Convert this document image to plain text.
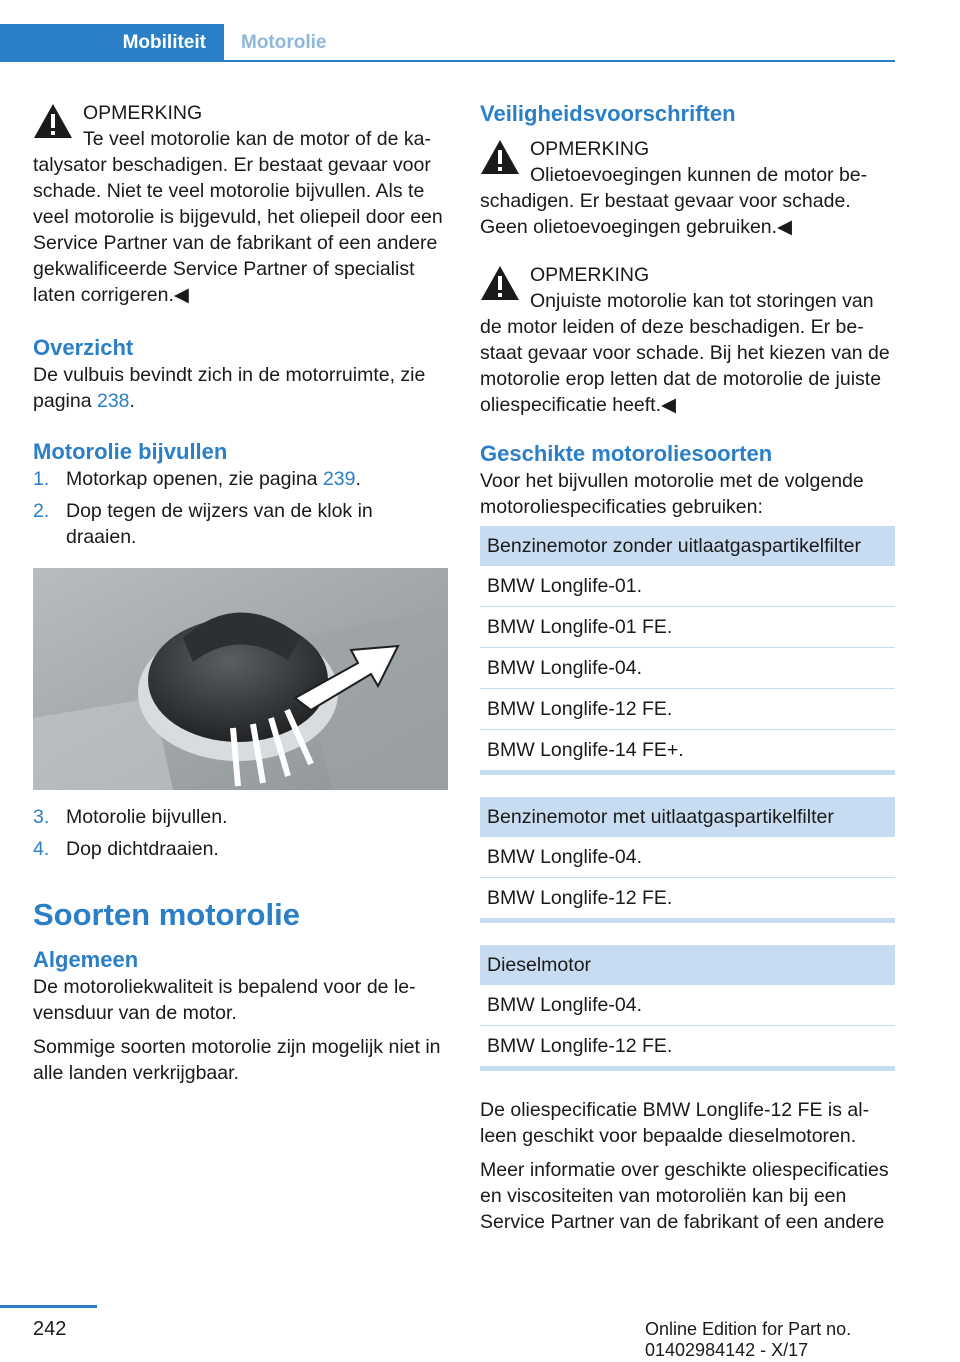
Mobiliteit	Motorolie
OPMERKING
Te veel motorolie kan de motor of de katalysator beschadigen. Er bestaat gevaar voor schade. Niet te veel motorolie bijvullen. Als te veel motorolie is bijgevuld, het oliepeil door een Service Partner van de fabrikant of een andere gekwalificeerde Service Partner of specialist laten corrigeren.◀
Overzicht

De vulbuis bevindt zich in de motorruimte, zie pagina 238.

Motorolie bijvullen
1. Motorkap openen, zie pagina 239.
2. Dop tegen de wijzers van de klok in draaien.
3. Motorolie bijvullen.
4. Dop dichtdraaien.
Soorten motorolie
Algemeen

De motoroliekwaliteit is bepalend voor de levensduur van de motor.

Sommige soorten motorolie zijn mogelijk niet in alle landen verkrijgbaar.

Veiligheidsvoorschriften
OPMERKING
Olietoevoegingen kunnen de motor beschadigen. Er bestaat gevaar voor schade. Geen olietoevoegingen gebruiken.◀
OPMERKING
Onjuiste motorolie kan tot storingen van de motor leiden of deze beschadigen. Er bestaat gevaar voor schade. Bij het kiezen van de motorolie erop letten dat de motorolie de juiste oliespecificatie heeft.◀
Geschikte motoroliesoorten

Voor het bijvullen motorolie met de volgende motoroliespecificaties gebruiken:

Benzinemotor zonder uitlaatgaspartikelfilter
BMW Longlife-01.
BMW Longlife-01 FE.
BMW Longlife-04.
BMW Longlife-12 FE.
BMW Longlife-14 FE+.
Benzinemotor met uitlaatgaspartikelfilter
BMW Longlife-04.
BMW Longlife-12 FE.
Dieselmotor
BMW Longlife-04.
BMW Longlife-12 FE.

De oliespecificatie BMW Longlife-12 FE is alleen geschikt voor bepaalde dieselmotoren.

Meer informatie over geschikte oliespecificaties en viscositeiten van motoroliën kan bij een Service Partner van de fabrikant of een andere

242	Online Edition for Part no. 01402984142 - X/17
